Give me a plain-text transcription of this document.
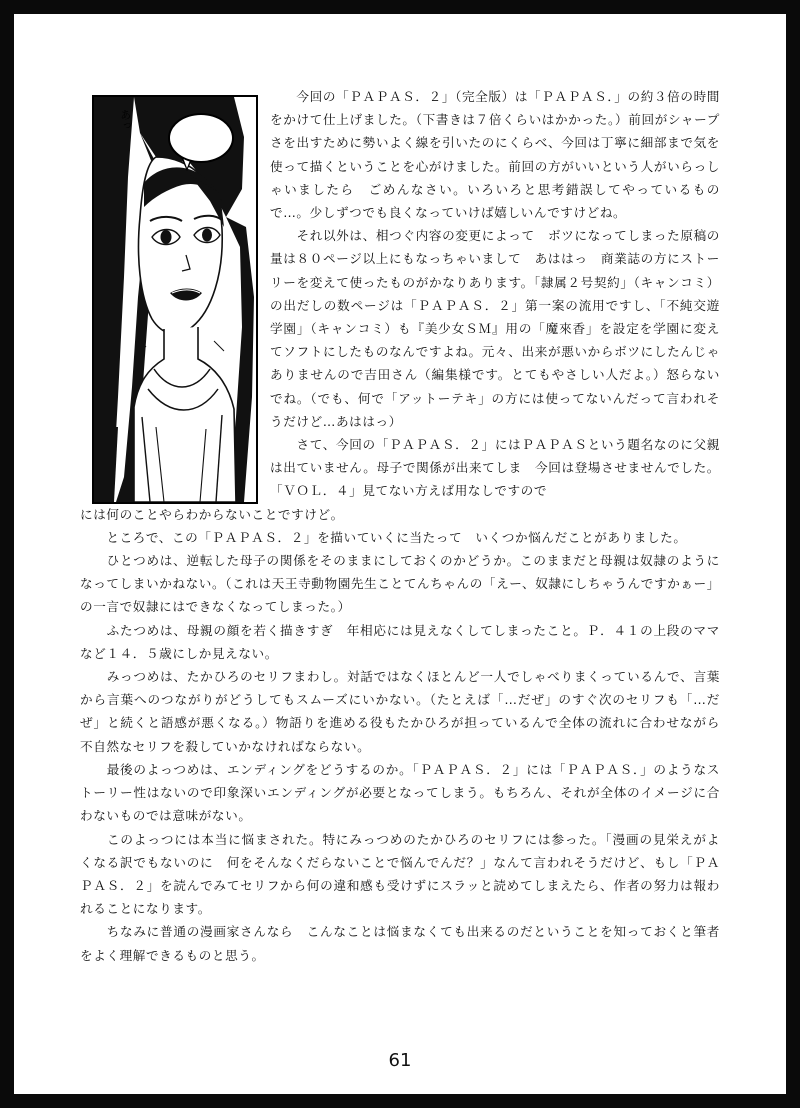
あっ

　　今回の「ＰＡＰＡＳ．２」（完全版）は「ＰＡＰＡＳ．」の約３倍の時間をかけて仕上げました。（下書きは７倍くらいはかかった。）前回がシャープさを出すために勢いよく線を引いたのにくらべ、今回は丁寧に細部まで気を使って描くということを心がけました。前回の方がいいという人がいらっしゃいましたら　ごめんなさい。いろいろと思考錯誤してやっているもので…。少しずつでも良くなっていけば嬉しいんですけどね。

　　それ以外は、相つぐ内容の変更によって　ボツになってしまった原稿の量は８０ページ以上にもなっちゃいまして　あははっ　商業誌の方にストーリーを変えて使ったものがかなりあります。「隷属２号契約」（キャンコミ）の出だしの数ページは「ＰＡＰＡＳ．２」第一案の流用ですし、「不純交遊学園」（キャンコミ）も『美少女ＳＭ』用の「魔來香」を設定を学園に変えてソフトにしたものなんですよね。元々、出来が悪いからボツにしたんじゃありませんので吉田さん（編集様です。とてもやさしい人だよ。）怒らないでね。（でも、何で「アットーテキ」の方には使ってないんだって言われそうだけど…あははっ）

　　さて、今回の「ＰＡＰＡＳ．２」にはＰＡＰＡＳという題名なのに父親は出ていません。母子で関係が出来てしま　今回は登場させませんでした。「ＶＯＬ．４」見てない方えば用なしですので

には何のことやらわからないことですけど。

　　ところで、この「ＰＡＰＡＳ．２」を描いていくに当たって　いくつか悩んだことがありました。

　　ひとつめは、逆転した母子の関係をそのままにしておくのかどうか。このままだと母親は奴隷のようになってしまいかねない。（これは天王寺動物園先生ことてんちゃんの「えー、奴隷にしちゃうんですかぁー」の一言で奴隷にはできなくなってしまった。）

　　ふたつめは、母親の顔を若く描きすぎ　年相応には見えなくしてしまったこと。Ｐ．４１の上段のママなど１４．５歳にしか見えない。

　　みっつめは、たかひろのセリフまわし。対話ではなくほとんど一人でしゃべりまくっているんで、言葉から言葉へのつながりがどうしてもスムーズにいかない。（たとえば「…だぜ」のすぐ次のセリフも「…だぜ」と続くと語感が悪くなる。）物語りを進める役もたかひろが担っているんで全体の流れに合わせながら不自然なセリフを殺していかなければならない。

　　最後のよっつめは、エンディングをどうするのか。「ＰＡＰＡＳ．２」には「ＰＡＰＡＳ．」のようなストーリー性はないので印象深いエンディングが必要となってしまう。もちろん、それが全体のイメージに合わないものでは意味がない。

　　このよっつには本当に悩まされた。特にみっつめのたかひろのセリフには参った。「漫画の見栄えがよくなる訳でもないのに　何をそんなくだらないことで悩んでんだ？」なんて言われそうだけど、もし「ＰＡＰＡＳ．２」を読んでみてセリフから何の違和感も受けずにスラッと読めてしまえたら、作者の努力は報われることになります。

　　ちなみに普通の漫画家さんなら　こんなことは悩まなくても出来るのだということを知っておくと筆者をよく理解できるものと思う。

61
